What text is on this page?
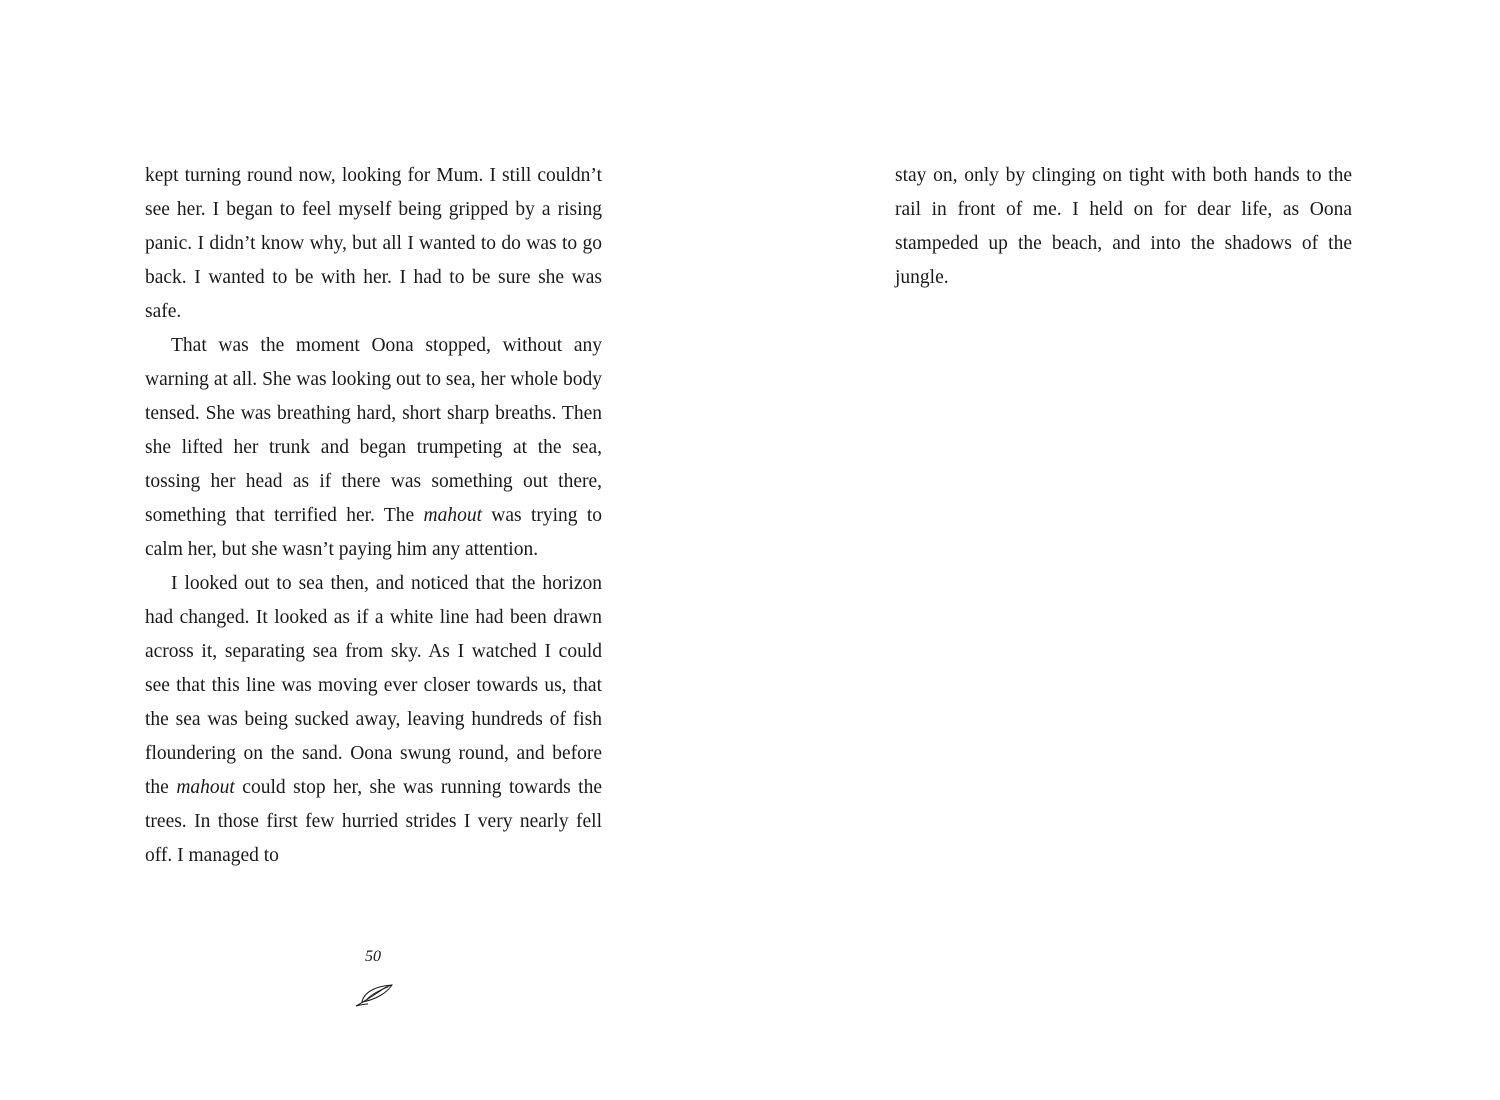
kept turning round now, looking for Mum. I still couldn’t see her. I began to feel myself being gripped by a rising panic. I didn’t know why, but all I wanted to do was to go back. I wanted to be with her. I had to be sure she was safe.

That was the moment Oona stopped, without any warning at all. She was looking out to sea, her whole body tensed. She was breathing hard, short sharp breaths. Then she lifted her trunk and began trumpeting at the sea, tossing her head as if there was something out there, something that terrified her. The mahout was trying to calm her, but she wasn’t paying him any attention.

I looked out to sea then, and noticed that the horizon had changed. It looked as if a white line had been drawn across it, separating sea from sky. As I watched I could see that this line was moving ever closer towards us, that the sea was being sucked away, leaving hundreds of fish floundering on the sand. Oona swung round, and before the mahout could stop her, she was running towards the trees. In those first few hurried strides I very nearly fell off. I managed to

50

stay on, only by clinging on tight with both hands to the rail in front of me. I held on for dear life, as Oona stampeded up the beach, and into the shadows of the jungle.
